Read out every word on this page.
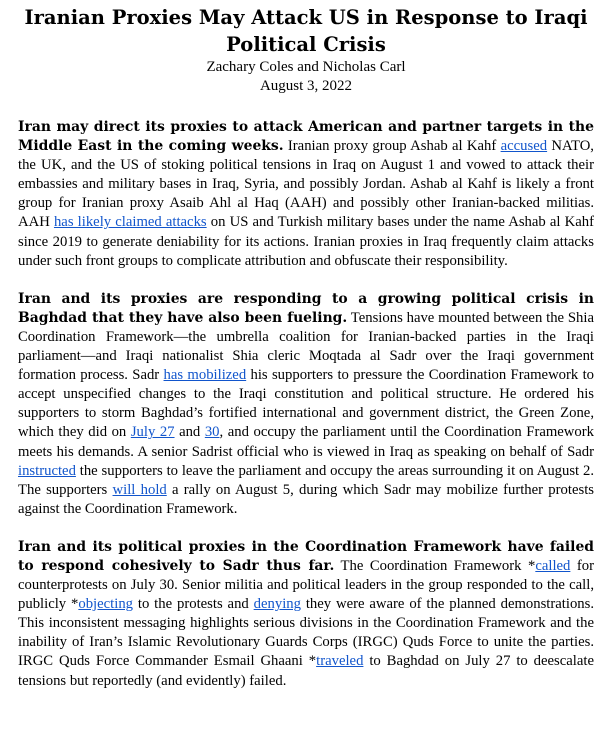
Iranian Proxies May Attack US in Response to Iraqi Political Crisis

Zachary Coles and Nicholas Carl

August 3, 2022

Iran may direct its proxies to attack American and partner targets in the Middle East in the coming weeks. Iranian proxy group Ashab al Kahf accused NATO, the UK, and the US of stoking political tensions in Iraq on August 1 and vowed to attack their embassies and military bases in Iraq, Syria, and possibly Jordan. Ashab al Kahf is likely a front group for Iranian proxy Asaib Ahl al Haq (AAH) and possibly other Iranian-backed militias. AAH has likely claimed attacks on US and Turkish military bases under the name Ashab al Kahf since 2019 to generate deniability for its actions. Iranian proxies in Iraq frequently claim attacks under such front groups to complicate attribution and obfuscate their responsibility.

Iran and its proxies are responding to a growing political crisis in Baghdad that they have also been fueling. Tensions have mounted between the Shia Coordination Framework—the umbrella coalition for Iranian-backed parties in the Iraqi parliament—and Iraqi nationalist Shia cleric Moqtada al Sadr over the Iraqi government formation process. Sadr has mobilized his supporters to pressure the Coordination Framework to accept unspecified changes to the Iraqi constitution and political structure. He ordered his supporters to storm Baghdad’s fortified international and government district, the Green Zone, which they did on July 27 and 30, and occupy the parliament until the Coordination Framework meets his demands. A senior Sadrist official who is viewed in Iraq as speaking on behalf of Sadr instructed the supporters to leave the parliament and occupy the areas surrounding it on August 2. The supporters will hold a rally on August 5, during which Sadr may mobilize further protests against the Coordination Framework.

Iran and its political proxies in the Coordination Framework have failed to respond cohesively to Sadr thus far. The Coordination Framework *called for counterprotests on July 30. Senior militia and political leaders in the group responded to the call, publicly *objecting to the protests and denying they were aware of the planned demonstrations. This inconsistent messaging highlights serious divisions in the Coordination Framework and the inability of Iran’s Islamic Revolutionary Guards Corps (IRGC) Quds Force to unite the parties. IRGC Quds Force Commander Esmail Ghaani *traveled to Baghdad on July 27 to deescalate tensions but reportedly (and evidently) failed.
